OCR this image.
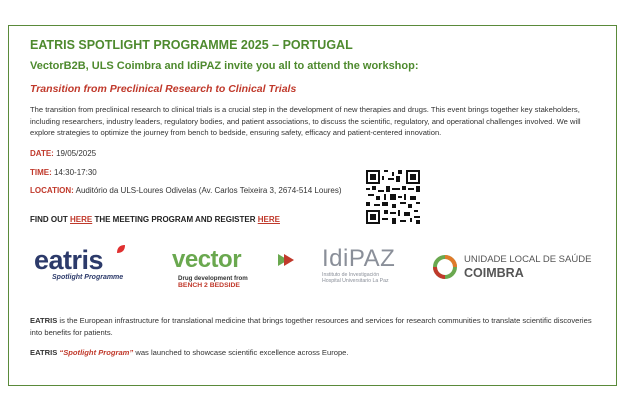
EATRIS SPOTLIGHT PROGRAMME 2025 – PORTUGAL
VectorB2B, ULS Coimbra and IdiPAZ invite you all to attend the workshop:
Transition from Preclinical Research to Clinical Trials
The transition from preclinical research to clinical trials is a crucial step in the development of new therapies and drugs. This event brings together key stakeholders, including researchers, industry leaders, regulatory bodies, and patient associations, to discuss the scientific, regulatory, and operational challenges involved. We will explore strategies to optimize the journey from bench to bedside, ensuring safety, efficacy and patient-centered innovation.
DATE: 19/05/2025
TIME: 14:30-17:30
LOCATION: Auditório da ULS-Loures Odivelas (Av. Carlos Teixeira 3, 2674-514 Loures)
FIND OUT HERE THE MEETING PROGRAM AND REGISTER HERE
eatris
Spotlight Programme
vector
Drug development from
BENCH 2 BEDSIDE
IdiPAZ
Instituto de Investigación
Hospital Universitario La Paz
UNIDADE LOCAL DE SAÚDE
COIMBRA
EATRIS is the European infrastructure for translational medicine that brings together resources and services for research communities to translate scientific discoveries into benefits for patients.
EATRIS “Spotlight Program” was launched to showcase scientific excellence across Europe.
